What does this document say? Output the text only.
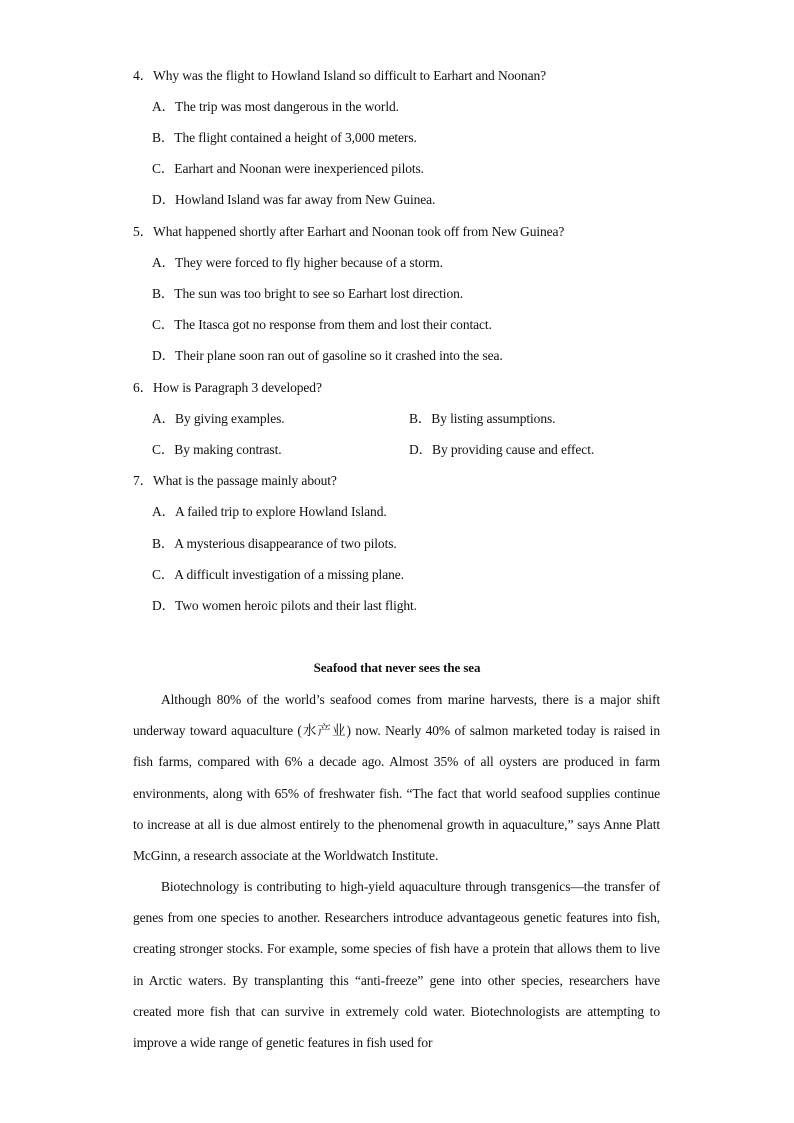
4．Why was the flight to Howland Island so difficult to Earhart and Noonan?
A．The trip was most dangerous in the world.
B．The flight contained a height of 3,000 meters.
C．Earhart and Noonan were inexperienced pilots.
D．Howland Island was far away from New Guinea.
5．What happened shortly after Earhart and Noonan took off from New Guinea?
A．They were forced to fly higher because of a storm.
B．The sun was too bright to see so Earhart lost direction.
C．The Itasca got no response from them and lost their contact.
D．Their plane soon ran out of gasoline so it crashed into the sea.
6．How is Paragraph 3 developed?
A．By giving examples.	B．By listing assumptions.
C．By making contrast.	D．By providing cause and effect.
7．What is the passage mainly about?
A．A failed trip to explore Howland Island.
B．A mysterious disappearance of two pilots.
C．A difficult investigation of a missing plane.
D．Two women heroic pilots and their last flight.
Seafood that never sees the sea

Although 80% of the world’s seafood comes from marine harvests, there is a major shift underway toward aquaculture (水产业) now. Nearly 40% of salmon marketed today is raised in fish farms, compared with 6% a decade ago. Almost 35% of all oysters are produced in farm environments, along with 65% of freshwater fish. “The fact that world seafood supplies continue to increase at all is due almost entirely to the phenomenal growth in aquaculture,” says Anne Platt McGinn, a research associate at the Worldwatch Institute.

Biotechnology is contributing to high-yield aquaculture through transgenics—the transfer of genes from one species to another. Researchers introduce advantageous genetic features into fish, creating stronger stocks. For example, some species of fish have a protein that allows them to live in Arctic waters. By transplanting this “anti-freeze” gene into other species, researchers have created more fish that can survive in extremely cold water. Biotechnologists are attempting to improve a wide range of genetic features in fish used for
